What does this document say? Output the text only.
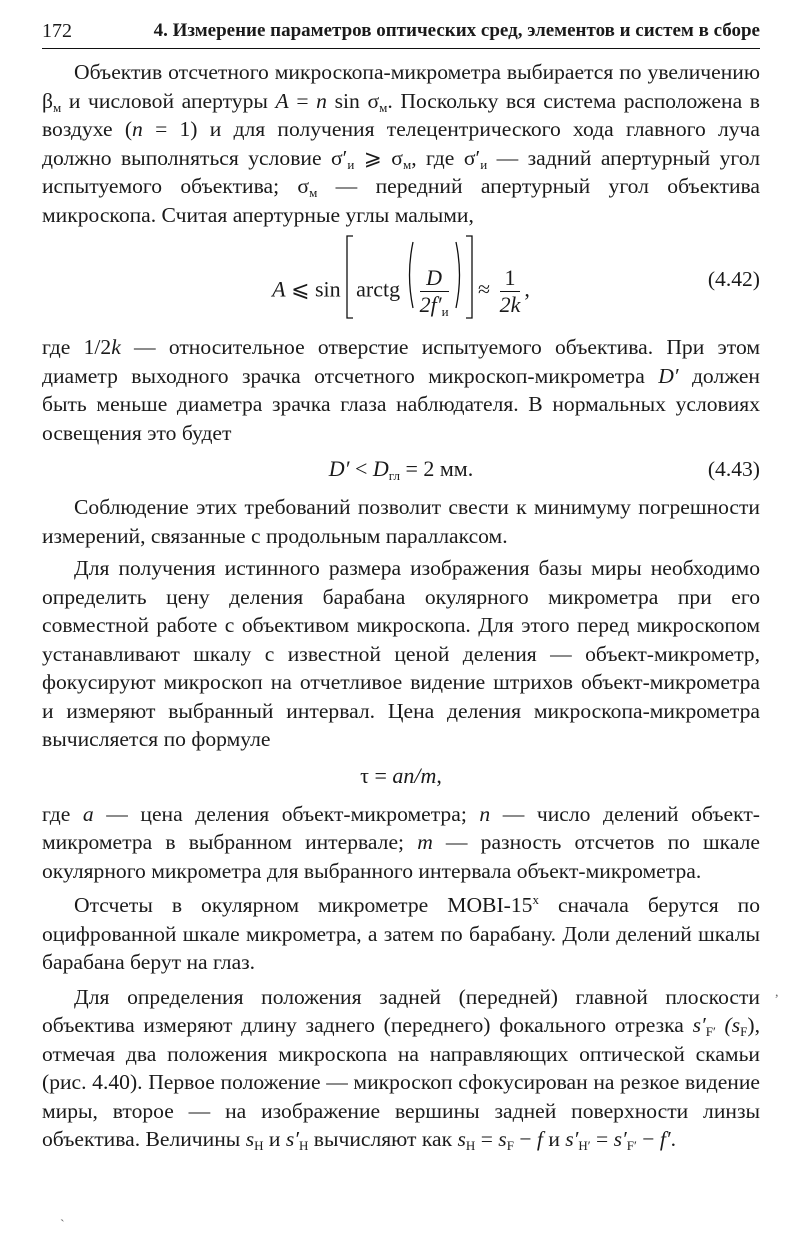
172	4. Измерение параметров оптических сред, элементов и систем в сборе

Объектив отсчетного микроскопа-микрометра выбирается по увеличению $\beta_м$ и числовой апертуры A = n $\sin \sigma_м$. Поскольку вся система расположена в воздухе (n = 1) и для получения телецентрического хода главного луча должно выполняться условие $\sigma'_и$ ⩾ $\sigma_м$, где $\sigma'_и$ — задний апертурный угол испытуемого объектива; $\sigma_м$ — передний апертурный угол объектива микроскопа. Считая апертурные углы малыми,

A ⩽ sin arctg $\frac{D}{2f'_и} \approx \frac{1}{2k}$ ,	(4.42)

где 1/2k — относительное отверстие испытуемого объектива. При этом диаметр выходного зрачка отсчетного микроскоп-микрометра D′ должен быть меньше диаметра зрачка глаза наблюдателя. В нормальных условиях освещения это будет

$D' < D_{гл} = 2$ мм.	(4.43)

Соблюдение этих требований позволит свести к минимуму погрешности измерений, связанные с продольным параллаксом.

Для получения истинного размера изображения базы миры необходимо определить цену деления барабана окулярного микрометра при его совместной работе с объективом микроскопа. Для этого перед микроскопом устанавливают шкалу с известной ценой деления — объект-микрометр, фокусируют микроскоп на отчетливое видение штрихов объект-микрометра и измеряют выбранный интервал. Цена деления микроскопа-микрометра вычисляется по формуле

τ = an/m,

где a — цена деления объект-микрометра; n — число делений объект-микрометра в выбранном интервале; m — разность отсчетов по шкале окулярного микрометра для выбранного интервала объект-микрометра.

Отсчеты в окулярном микрометре МОВІ-$15^х$ сначала берутся по оцифрованной шкале микрометра, а затем по барабану. Доли делений шкалы барабана берут на глаз.

Для определения положения задней (передней) главной плоскости объектива измеряют длину заднего (переднего) фокального отрезка $s'_{F'}$ $(s_F)$, отмечая два положения микроскопа на направляющих оптической скамьи (рис. 4.40). Первое положение — микроскоп сфокусирован на резкое видение миры, второе — на изображение вершины задней поверхности линзы объектива. Величины $s_H$ и $s'_H$ вычисляют как $s_H = s_F - f$ и $s'_{H'} = s'_{F'} - f'$.

,
ˋ
